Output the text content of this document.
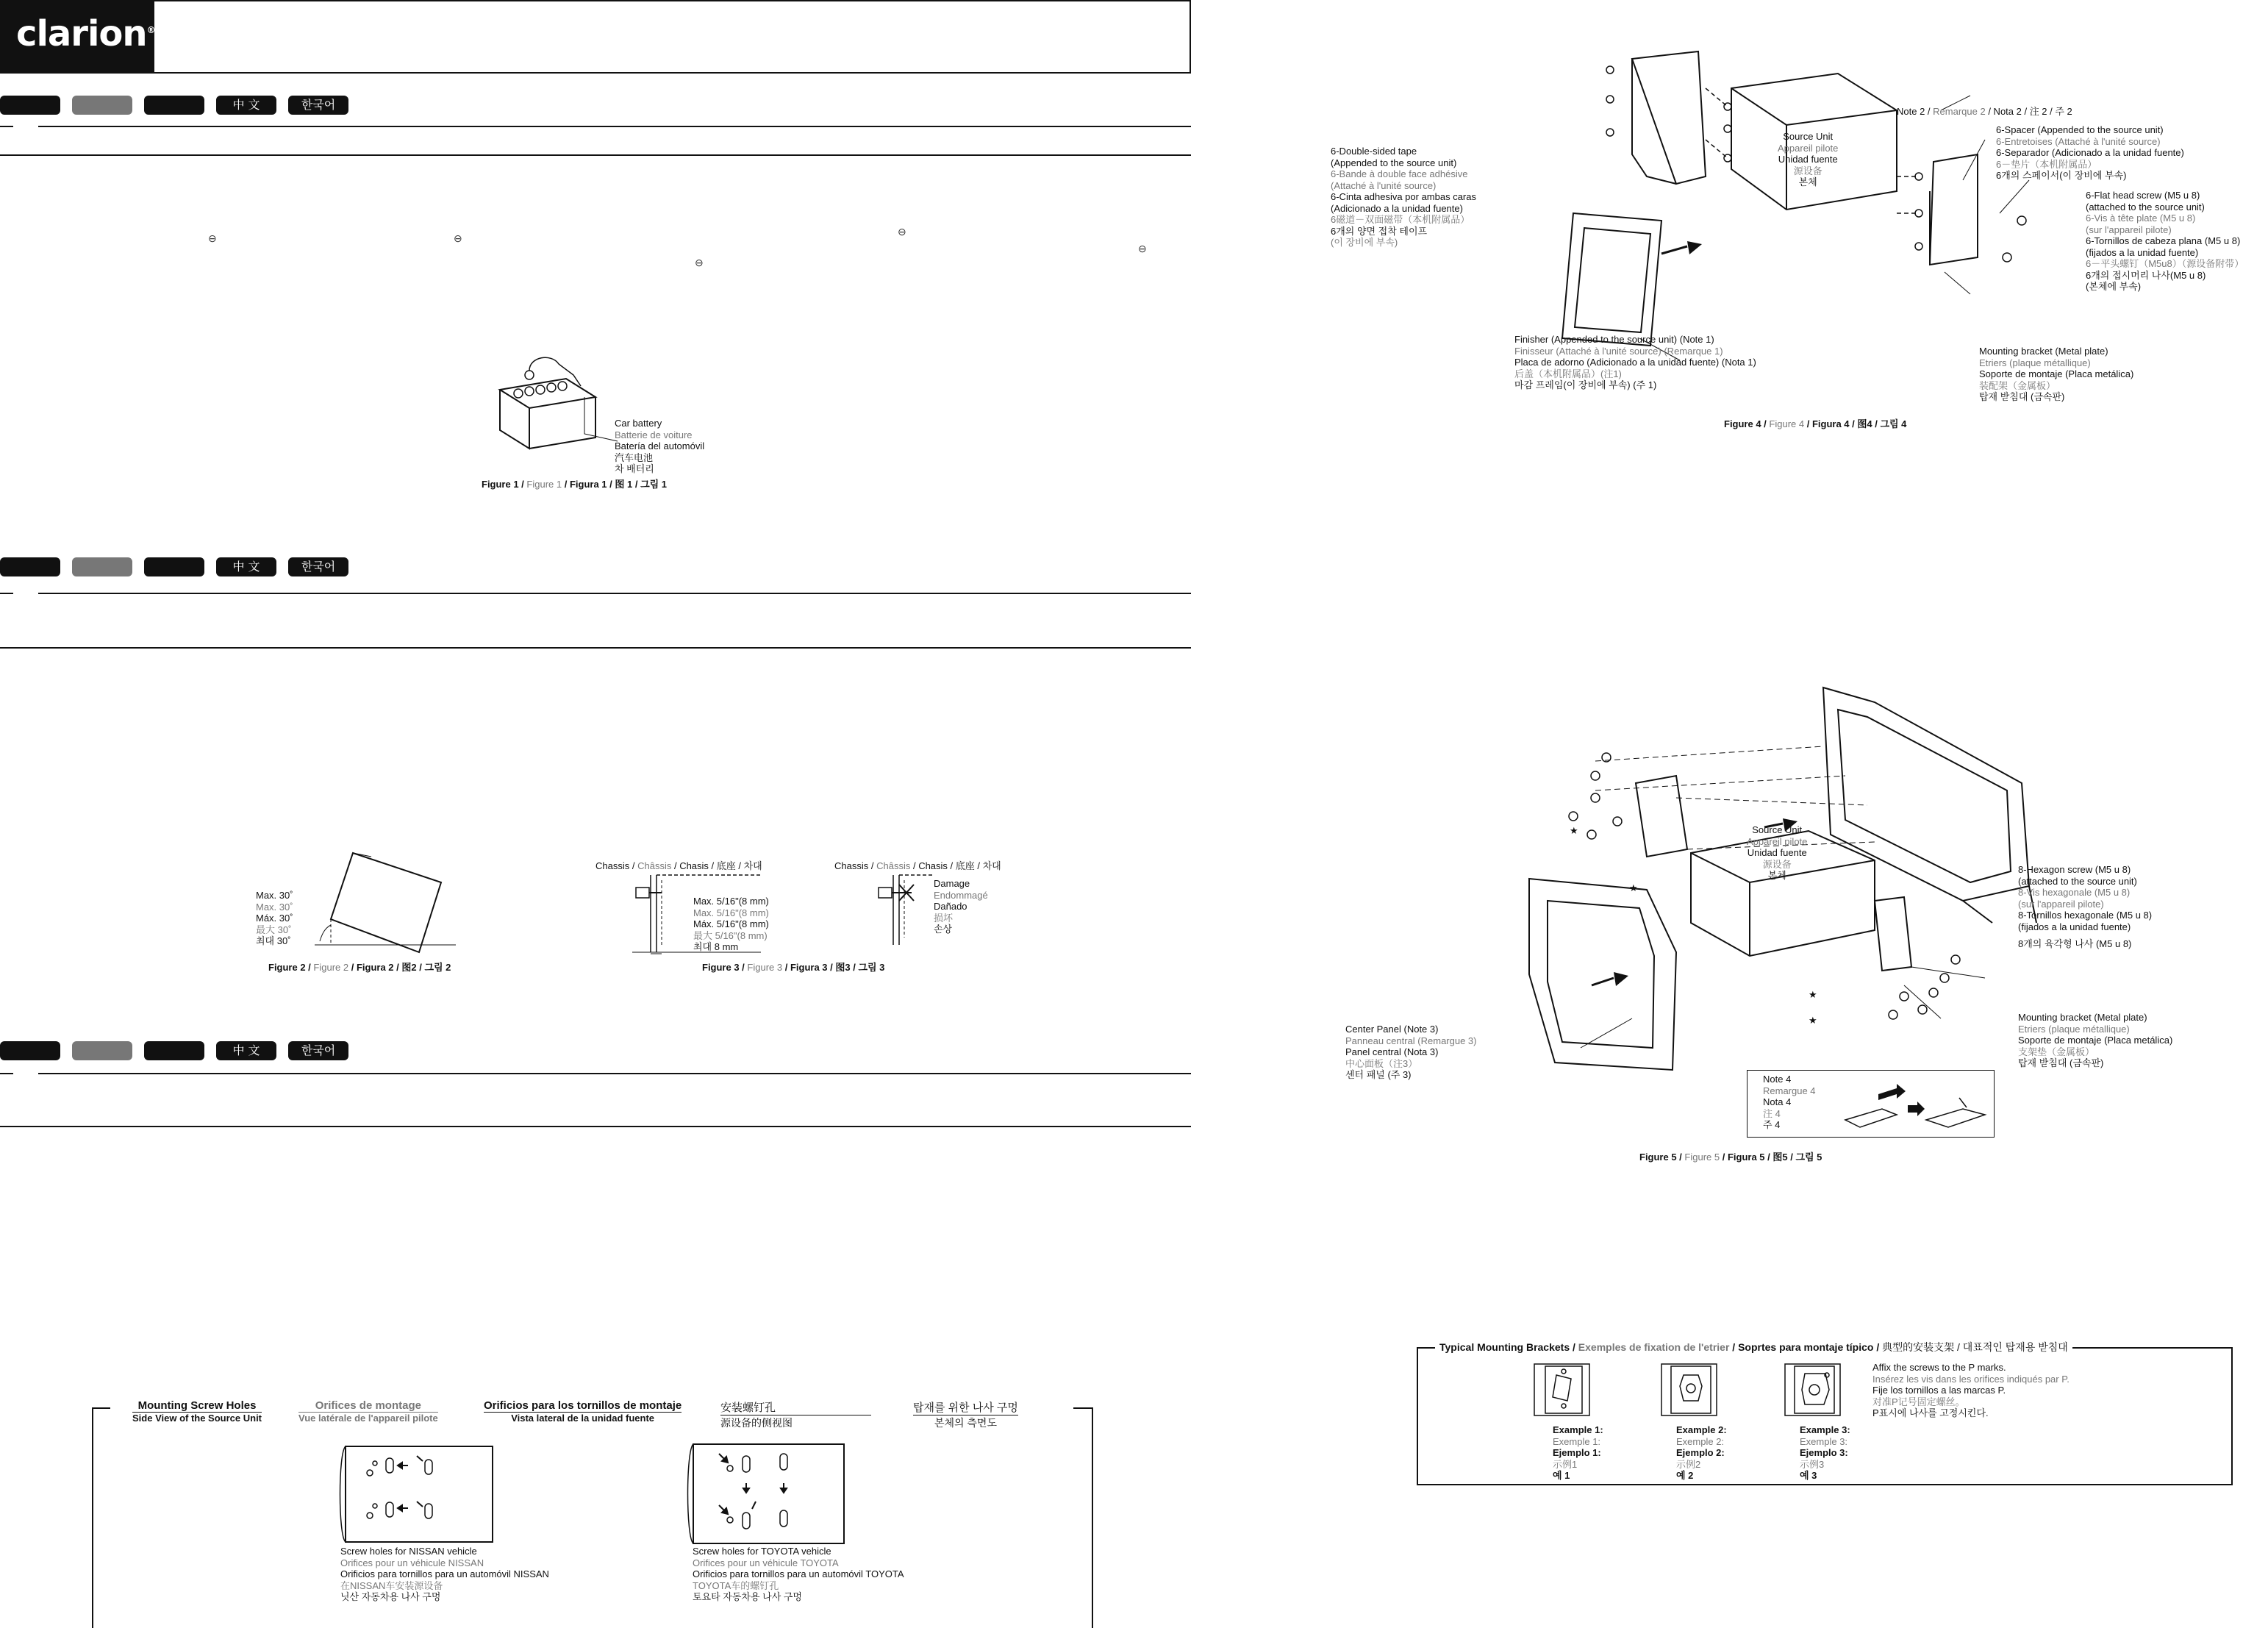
clarion®
中 文	한국어
⊖	⊖
⊖
⊖
⊖
Car battery
Batterie de voiture
Batería del automóvil
汽车电池
차 배터리
Figure 1 / Figure 1 / Figura 1 / 图 1 / 그림 1
中 文	한국어
Max. 30˚
Max. 30˚
Máx. 30˚
最大 30˚
최대 30˚
Figure 2 / Figure 2 / Figura 2 / 图2 / 그림 2
Chassis / Châssis / Chasis / 底座 / 차대
Max. 5/16"(8 mm)
Max. 5/16"(8 mm)
Máx. 5/16"(8 mm)
最大 5/16"(8 mm)
최대 8 mm
Chassis / Châssis / Chasis / 底座 / 차대
Damage
Endommagé
Dañado
损坏
손상
Figure 3 / Figure 3 / Figura 3 / 图3 / 그림 3
中 文	한국어
Mounting Screw Holes
Side View of the Source Unit
Orifices de montage
Vue latérale de l'appareil pilote
Orificios para los tornillos de montaje
Vista lateral de la unidad fuente
安装螺钉孔
源设备的侧视图
탑재를 위한 나사 구멍
본체의 측면도
Screw holes for NISSAN vehicle
Orifices pour un véhicule NISSAN
Orificios para tornillos para un automóvil NISSAN
在NISSAN车安装源设备
닛산 자동차용 나사 구멍
Screw holes for TOYOTA vehicle
Orifices pour un véhicule TOYOTA
Orificios para tornillos para un automóvil TOYOTA
TOYOTA车的螺钉孔
토요타 자동차용 나사 구멍
6-Double-sided tape
(Appended to the source unit)
6-Bande à double face adhésive
(Attaché à l'unité source)
6-Cinta adhesiva por ambas caras
(Adicionado a la unidad fuente)
6磁道－双面磁带（本机附属品）
6개의 양면 접착 테이프
(이 장비에 부속)
Source Unit
Appareil pilote
Unidad fuente
源设备
본체
Note 2 / Remarque 2 / Nota 2 / 注 2 / 주 2
6-Spacer (Appended to the source unit)
6-Entretoises (Attaché à l'unité source)
6-Separador (Adicionado a la unidad fuente)
6－垫片（本机附属品）
6개의 스페이서(이 장비에 부속)
6-Flat head screw (M5 u 8)
(attached to the source unit)
6-Vis à tête plate (M5 u 8)
(sur l'appareil pilote)
6-Tornillos de cabeza plana (M5 u 8)
(fijados a la unidad fuente)
6－平头螺钉（M5u8）（源设备附带）
6개의 접시머리 나사(M5 u 8)
(본체에 부속)
Finisher (Appended to the source unit) (Note 1)
Finisseur (Attaché à l'unité source) (Remarque 1)
Placa de adorno (Adicionado a la unidad fuente) (Nota 1)
后盖（本机附属品）(注1)
마감 프레임(이 장비에 부속) (주 1)
Mounting bracket (Metal plate)
Etriers (plaque métallique)
Soporte de montaje (Placa metálica)
装配架（金属板）
탑재 받침대 (금속판)
Figure 4 / Figure 4 / Figura 4 / 图4 / 그림 4
Source Unit
Appareil pilote
Unidad fuente
源设备
본체
8-Hexagon screw (M5 u 8)
(attached to the source unit)
8-Vis hexagonale (M5 u 8)
(sur l'appareil pilote)
8-Tornillos hexagonale (M5 u 8)
(fijados a la unidad fuente)
8개의 육각형 나사 (M5 u 8)
Center Panel (Note 3)
Panneau central (Remargue 3)
Panel central (Nota 3)
中心面板（注3）
센터 패널 (주 3)
Mounting bracket (Metal plate)
Etriers (plaque métallique)
Soporte de montaje (Placa metálica)
支架垫（金属板）
탑재 받침대 (금속판)
★
★
★
★
Note 4
Remargue 4
Nota 4
注 4
주 4
Figure 5 / Figure 5 / Figura 5 / 图5 / 그림 5
Typical Mounting Brackets / Exemples de fixation de l'etrier / Soprtes para montaje típico / 典型的安装支架 / 대표적인 탑재용 받침대
Example 1:
Exemple 1:
Ejemplo 1:
示例1
예 1
Example 2:
Exemple 2:
Ejemplo 2:
示例2
예 2
Example 3:
Exemple 3:
Ejemplo 3:
示例3
예 3
Affix the screws to the P marks.
Insérez les vis dans les orifices indiqués par P.
Fije los tornillos a las marcas P.
对准P记号固定螺丝。
P표시에 나사를 고정시킨다.
